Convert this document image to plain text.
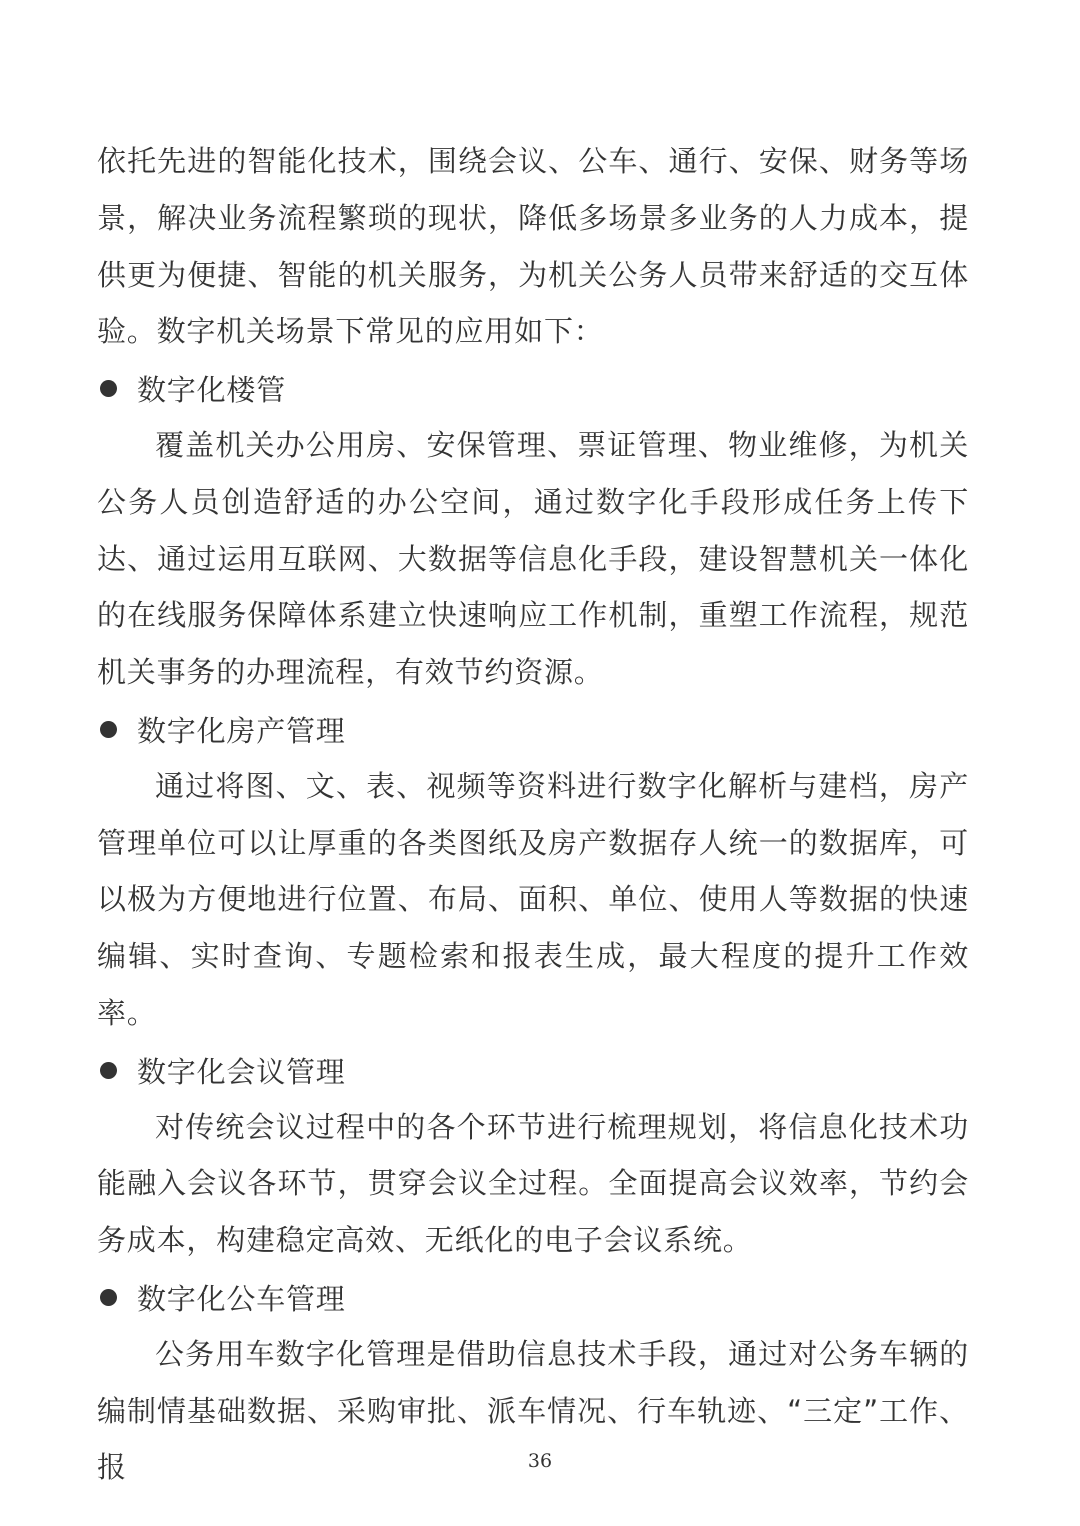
依托先进的智能化技术，围绕会议、公车、通行、安保、财务等场景，解决业务流程繁琐的现状，降低多场景多业务的人力成本，提供更为便捷、智能的机关服务，为机关公务人员带来舒适的交互体验。数字机关场景下常见的应用如下：

数字化楼管

覆盖机关办公用房、安保管理、票证管理、物业维修，为机关公务人员创造舒适的办公空间，通过数字化手段形成任务上传下达、通过运用互联网、大数据等信息化手段，建设智慧机关一体化的在线服务保障体系建立快速响应工作机制，重塑工作流程，规范机关事务的办理流程，有效节约资源。

数字化房产管理

通过将图、文、表、视频等资料进行数字化解析与建档，房产管理单位可以让厚重的各类图纸及房产数据存人统一的数据库，可以极为方便地进行位置、布局、面积、单位、使用人等数据的快速编辑、实时查询、专题检索和报表生成，最大程度的提升工作效率。

数字化会议管理

对传统会议过程中的各个环节进行梳理规划，将信息化技术功能融入会议各环节，贯穿会议全过程。全面提高会议效率，节约会务成本，构建稳定高效、无纸化的电子会议系统。

数字化公车管理

公务用车数字化管理是借助信息技术手段，通过对公务车辆的编制情基础数据、采购审批、派车情况、行车轨迹、“三定”工作、报	36
